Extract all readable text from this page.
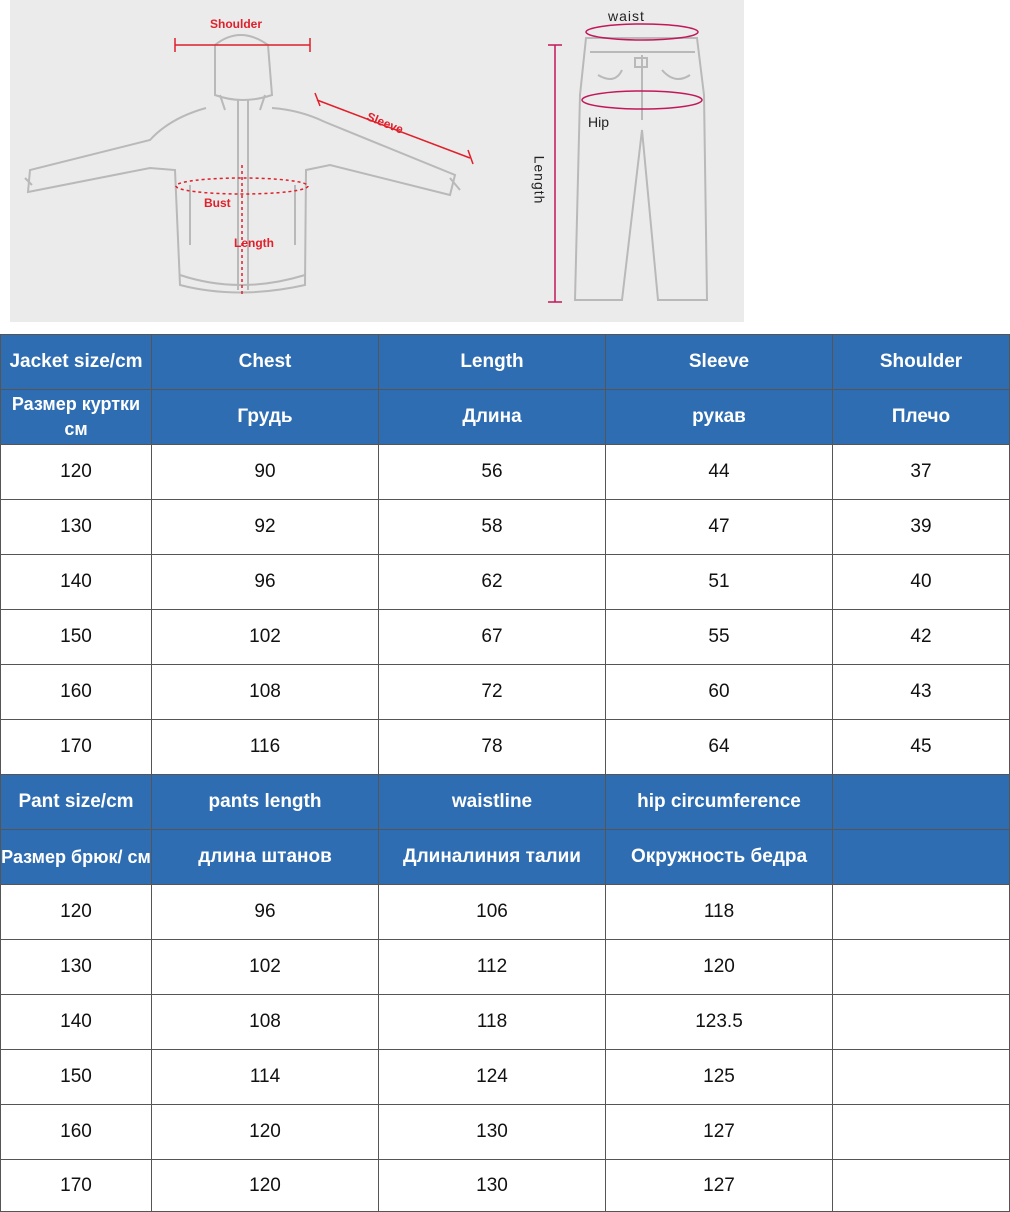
Shoulder
Sleeve
Bust
Length
waist
Hip
Length
Jacket size/cm	Chest	Length	Sleeve	Shoulder
Размер куртки см	Грудь	Длина	рукав	Плечо
120	90	56	44	37
130	92	58	47	39
140	96	62	51	40
150	102	67	55	42
160	108	72	60	43
170	116	78	64	45
Pant size/cm	pants length	waistline	hip circumference	
Размер брюк/ см	длина штанов	Длиналиния талии	Окружность бедра	
120	96	106	118	
130	102	112	120	
140	108	118	123.5	
150	114	124	125	
160	120	130	127	
170	120	130	127	
